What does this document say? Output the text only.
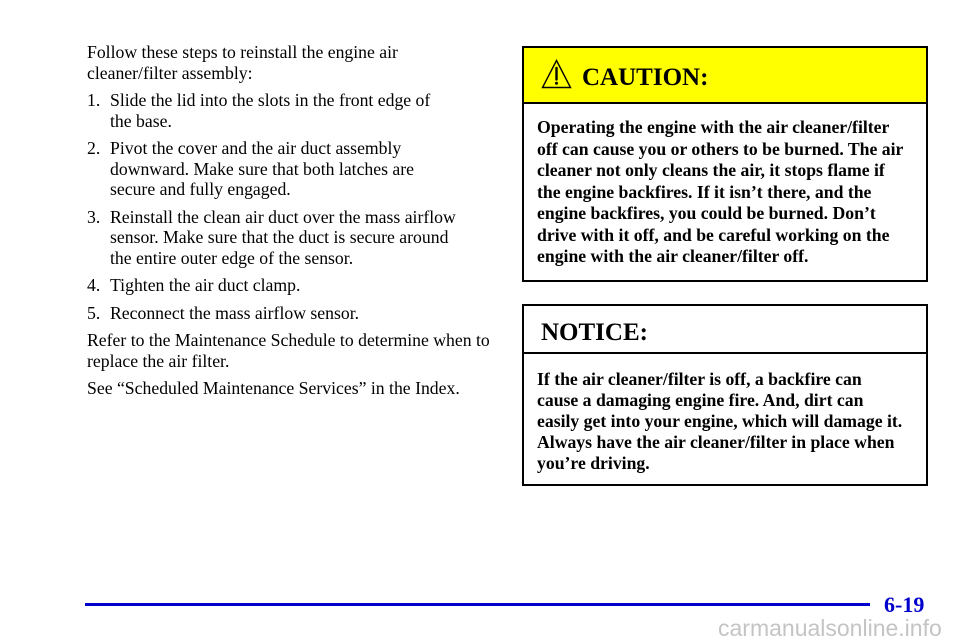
Follow these steps to reinstall the engine air
cleaner/filter assembly:
1. Slide the lid into the slots in the front edge of
the base.
2. Pivot the cover and the air duct assembly
downward. Make sure that both latches are
secure and fully engaged.
3. Reinstall the clean air duct over the mass airflow
sensor. Make sure that the duct is secure around
the entire outer edge of the sensor.
4. Tighten the air duct clamp.
5. Reconnect the mass airflow sensor.
Refer to the Maintenance Schedule to determine when to
replace the air filter.
See “Scheduled Maintenance Services” in the Index.
CAUTION:
Operating the engine with the air cleaner/filter
off can cause you or others to be burned. The air
cleaner not only cleans the air, it stops flame if
the engine backfires. If it isn’t there, and the
engine backfires, you could be burned. Don’t
drive with it off, and be careful working on the
engine with the air cleaner/filter off.
NOTICE:
If the air cleaner/filter is off, a backfire can
cause a damaging engine fire. And, dirt can
easily get into your engine, which will damage it.
Always have the air cleaner/filter in place when
you’re driving.
6-19
carmanualsonline.info
